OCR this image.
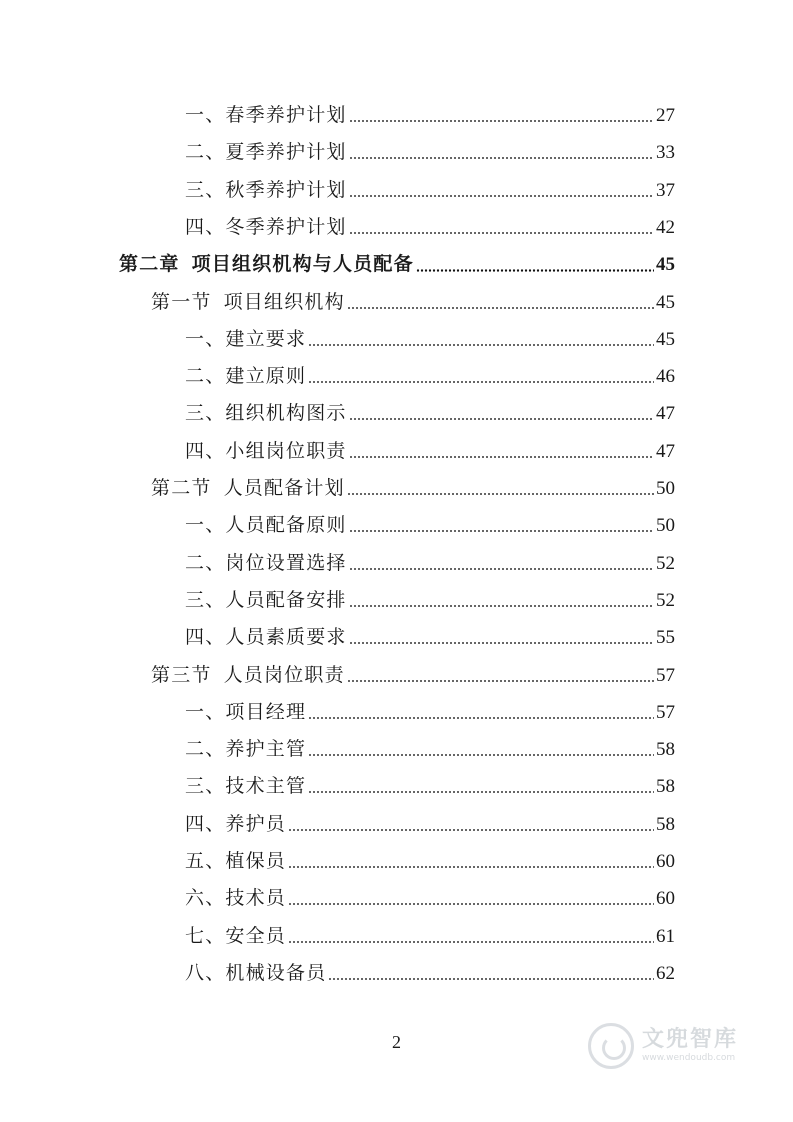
一、春季养护计划	27
二、夏季养护计划	33
三、秋季养护计划	37
四、冬季养护计划	42
第二章 项目组织机构与人员配备	45
第一节 项目组织机构	45
一、建立要求	45
二、建立原则	46
三、组织机构图示	47
四、小组岗位职责	47
第二节 人员配备计划	50
一、人员配备原则	50
二、岗位设置选择	52
三、人员配备安排	52
四、人员素质要求	55
第三节 人员岗位职责	57
一、项目经理	57
二、养护主管	58
三、技术主管	58
四、养护员	58
五、植保员	60
六、技术员	60
七、安全员	61
八、机械设备员	62
2	文兜智库
www.wendoudb.com
